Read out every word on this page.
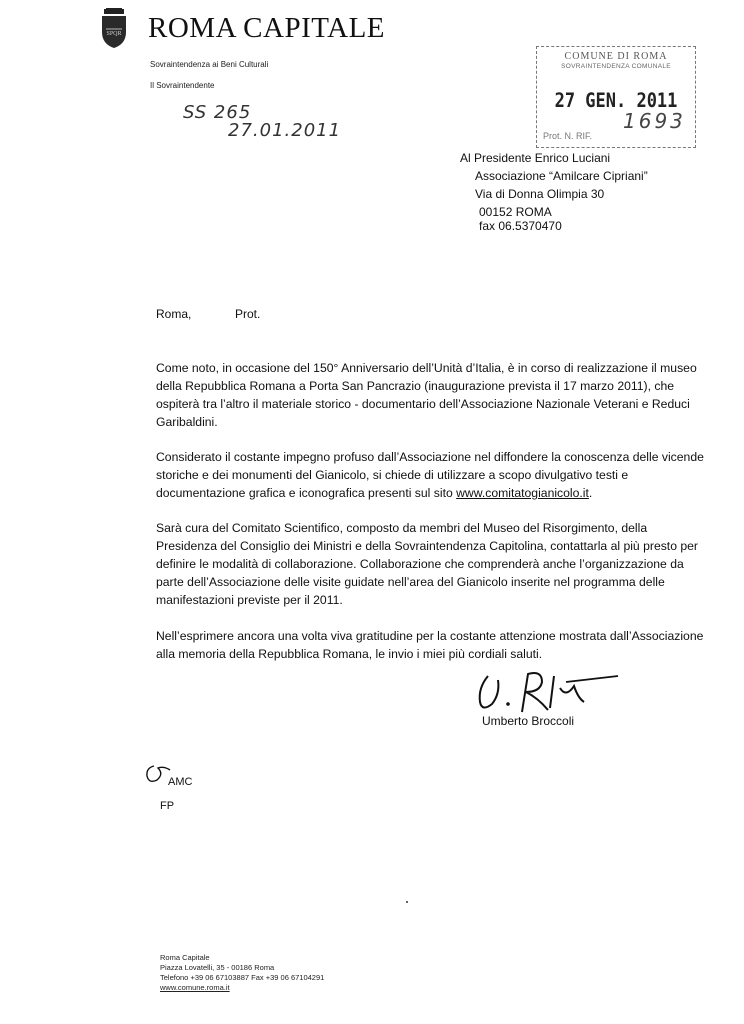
SPQR ROMA CAPITALE
Sovraintendenza ai Beni Culturali
Il Sovraintendente
SS 265
27.01.2011
COMUNE DI ROMA
SOVRAINTENDENZA COMUNALE
27 GEN. 2011
1693
Prot. N. RIF.
Al Presidente Enrico Luciani
Associazione “Amilcare Cipriani”
Via di Donna Olimpia 30
00152 ROMA
fax 06.5370470
Roma,	Prot.

Come noto, in occasione del 150° Anniversario dell’Unità d’Italia, è in corso di realizzazione il museo della Repubblica Romana a Porta San Pancrazio (inaugurazione prevista il 17 marzo 2011), che ospiterà tra l’altro il materiale storico - documentario dell’Associazione Nazionale Veterani e Reduci Garibaldini.

Considerato il costante impegno profuso dall’Associazione nel diffondere la conoscenza delle vicende storiche e dei monumenti del Gianicolo, si chiede di utilizzare a scopo divulgativo testi e documentazione grafica e iconografica presenti sul sito www.comitatogianicolo.it.

Sarà cura del Comitato Scientifico, composto da membri del Museo del Risorgimento, della Presidenza del Consiglio dei Ministri e della Sovraintendenza Capitolina, contattarla al più presto per definire le modalità di collaborazione. Collaborazione che comprenderà anche l’organizzazione da parte dell’Associazione delle visite guidate nell’area del Gianicolo inserite nel programma delle manifestazioni previste per il 2011.

Nell’esprimere ancora una volta viva gratitudine per la costante attenzione mostrata dall’Associazione alla memoria della Repubblica Romana, le invio i miei più cordiali saluti.

Umberto Broccoli
AMC
FP
Roma Capitale
Piazza Lovatelli, 35 - 00186 Roma
Telefono +39 06 67103887 Fax +39 06 67104291
www.comune.roma.it
